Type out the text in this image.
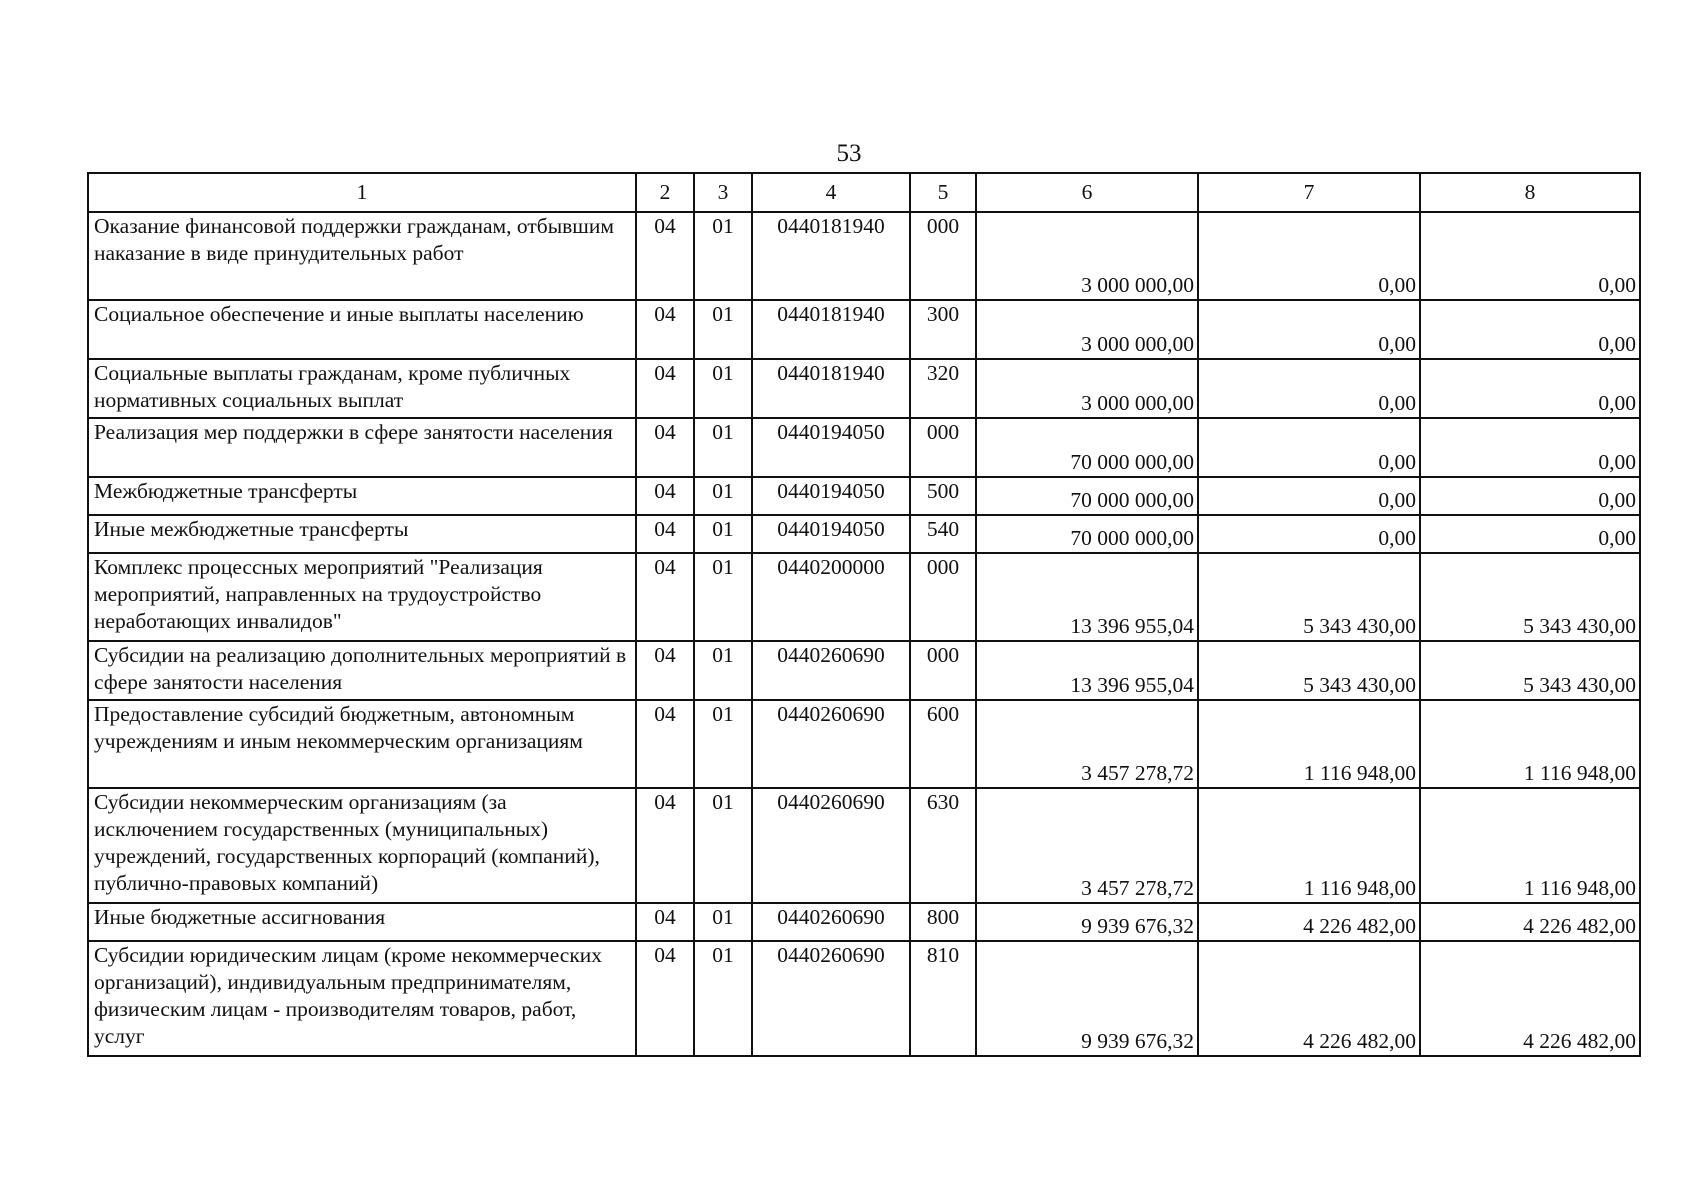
53
1	2	3	4	5	6	7	8
Оказание финансовой поддержки гражданам, отбывшим наказание в виде принудительных работ	04	01	0440181940	000	3 000 000,00	0,00	0,00
Социальное обеспечение и иные выплаты населению	04	01	0440181940	300	3 000 000,00	0,00	0,00
Социальные выплаты гражданам, кроме публичных нормативных социальных выплат	04	01	0440181940	320	3 000 000,00	0,00	0,00
Реализация мер поддержки в сфере занятости населения	04	01	0440194050	000	70 000 000,00	0,00	0,00
Межбюджетные трансферты	04	01	0440194050	500	70 000 000,00	0,00	0,00
Иные межбюджетные трансферты	04	01	0440194050	540	70 000 000,00	0,00	0,00
Комплекс процессных мероприятий "Реализация мероприятий, направленных на трудоустройство неработающих инвалидов"	04	01	0440200000	000	13 396 955,04	5 343 430,00	5 343 430,00
Субсидии на реализацию дополнительных мероприятий в сфере занятости населения	04	01	0440260690	000	13 396 955,04	5 343 430,00	5 343 430,00
Предоставление субсидий бюджетным, автономным учреждениям и иным некоммерческим организациям	04	01	0440260690	600	3 457 278,72	1 116 948,00	1 116 948,00
Субсидии некоммерческим организациям (за исключением государственных (муниципальных) учреждений, государственных корпораций (компаний), публично-правовых компаний)	04	01	0440260690	630	3 457 278,72	1 116 948,00	1 116 948,00
Иные бюджетные ассигнования	04	01	0440260690	800	9 939 676,32	4 226 482,00	4 226 482,00
Субсидии юридическим лицам (кроме некоммерческих организаций), индивидуальным предпринимателям, физическим лицам - производителям товаров, работ, услуг	04	01	0440260690	810	9 939 676,32	4 226 482,00	4 226 482,00
